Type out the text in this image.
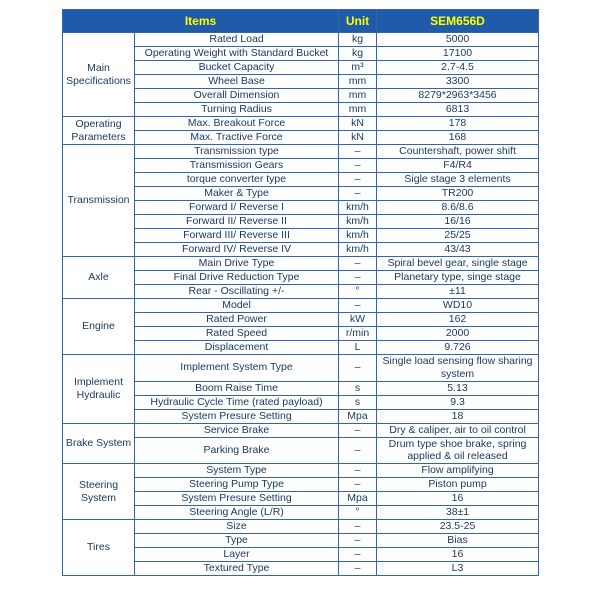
Items		Unit	SEM656D
Main Specifications	Rated Load	kg	5000
	Operating Weight with Standard Bucket	kg	17100
	Bucket Capacity	m³	2.7-4.5
	Wheel Base	mm	3300
	Overall Dimension	mm	8279*2963*3456
	Turning Radius	mm	6813
Operating Parameters	Max. Breakout Force	kN	178
	Max. Tractive Force	kN	168
Transmission	Transmission type	–	Countershaft, power shift
	Transmission Gears	–	F4/R4
	torque converter type	–	Sigle stage 3 elements
	Maker & Type	–	TR200
	Forward I/ Reverse I	km/h	8.6/8.6
	Forward II/ Reverse II	km/h	16/16
	Forward III/ Reverse III	km/h	25/25
	Forward IV/ Reverse IV	km/h	43/43
Axle	Main Drive Type	–	Spiral bevel gear, single stage
	Final Drive Reduction Type	–	Planetary type, singe stage
	Rear - Oscillating +/-	°	±11
Engine	Model	–	WD10
	Rated Power	kW	162
	Rated Speed	r/min	2000
	Displacement	L	9.726
Implement Hydraulic	Implement System Type	–	Single load sensing flow sharing system
	Boom Raise Time	s	5.13
	Hydraulic Cycle Time (rated payload)	s	9.3
	System Presure Setting	Mpa	18
Brake System	Service Brake	–	Dry & caliper, air to oil control
	Parking Brake	–	Drum type shoe brake, spring applied & oil released
Steering System	System Type	–	Flow amplifying
	Steering Pump Type	–	Piston pump
	System Presure Setting	Mpa	16
	Steering Angle (L/R)	°	38±1
Tires	Size	–	23.5-25
	Type	–	Bias
	Layer	–	16
	Textured Type	–	L3
